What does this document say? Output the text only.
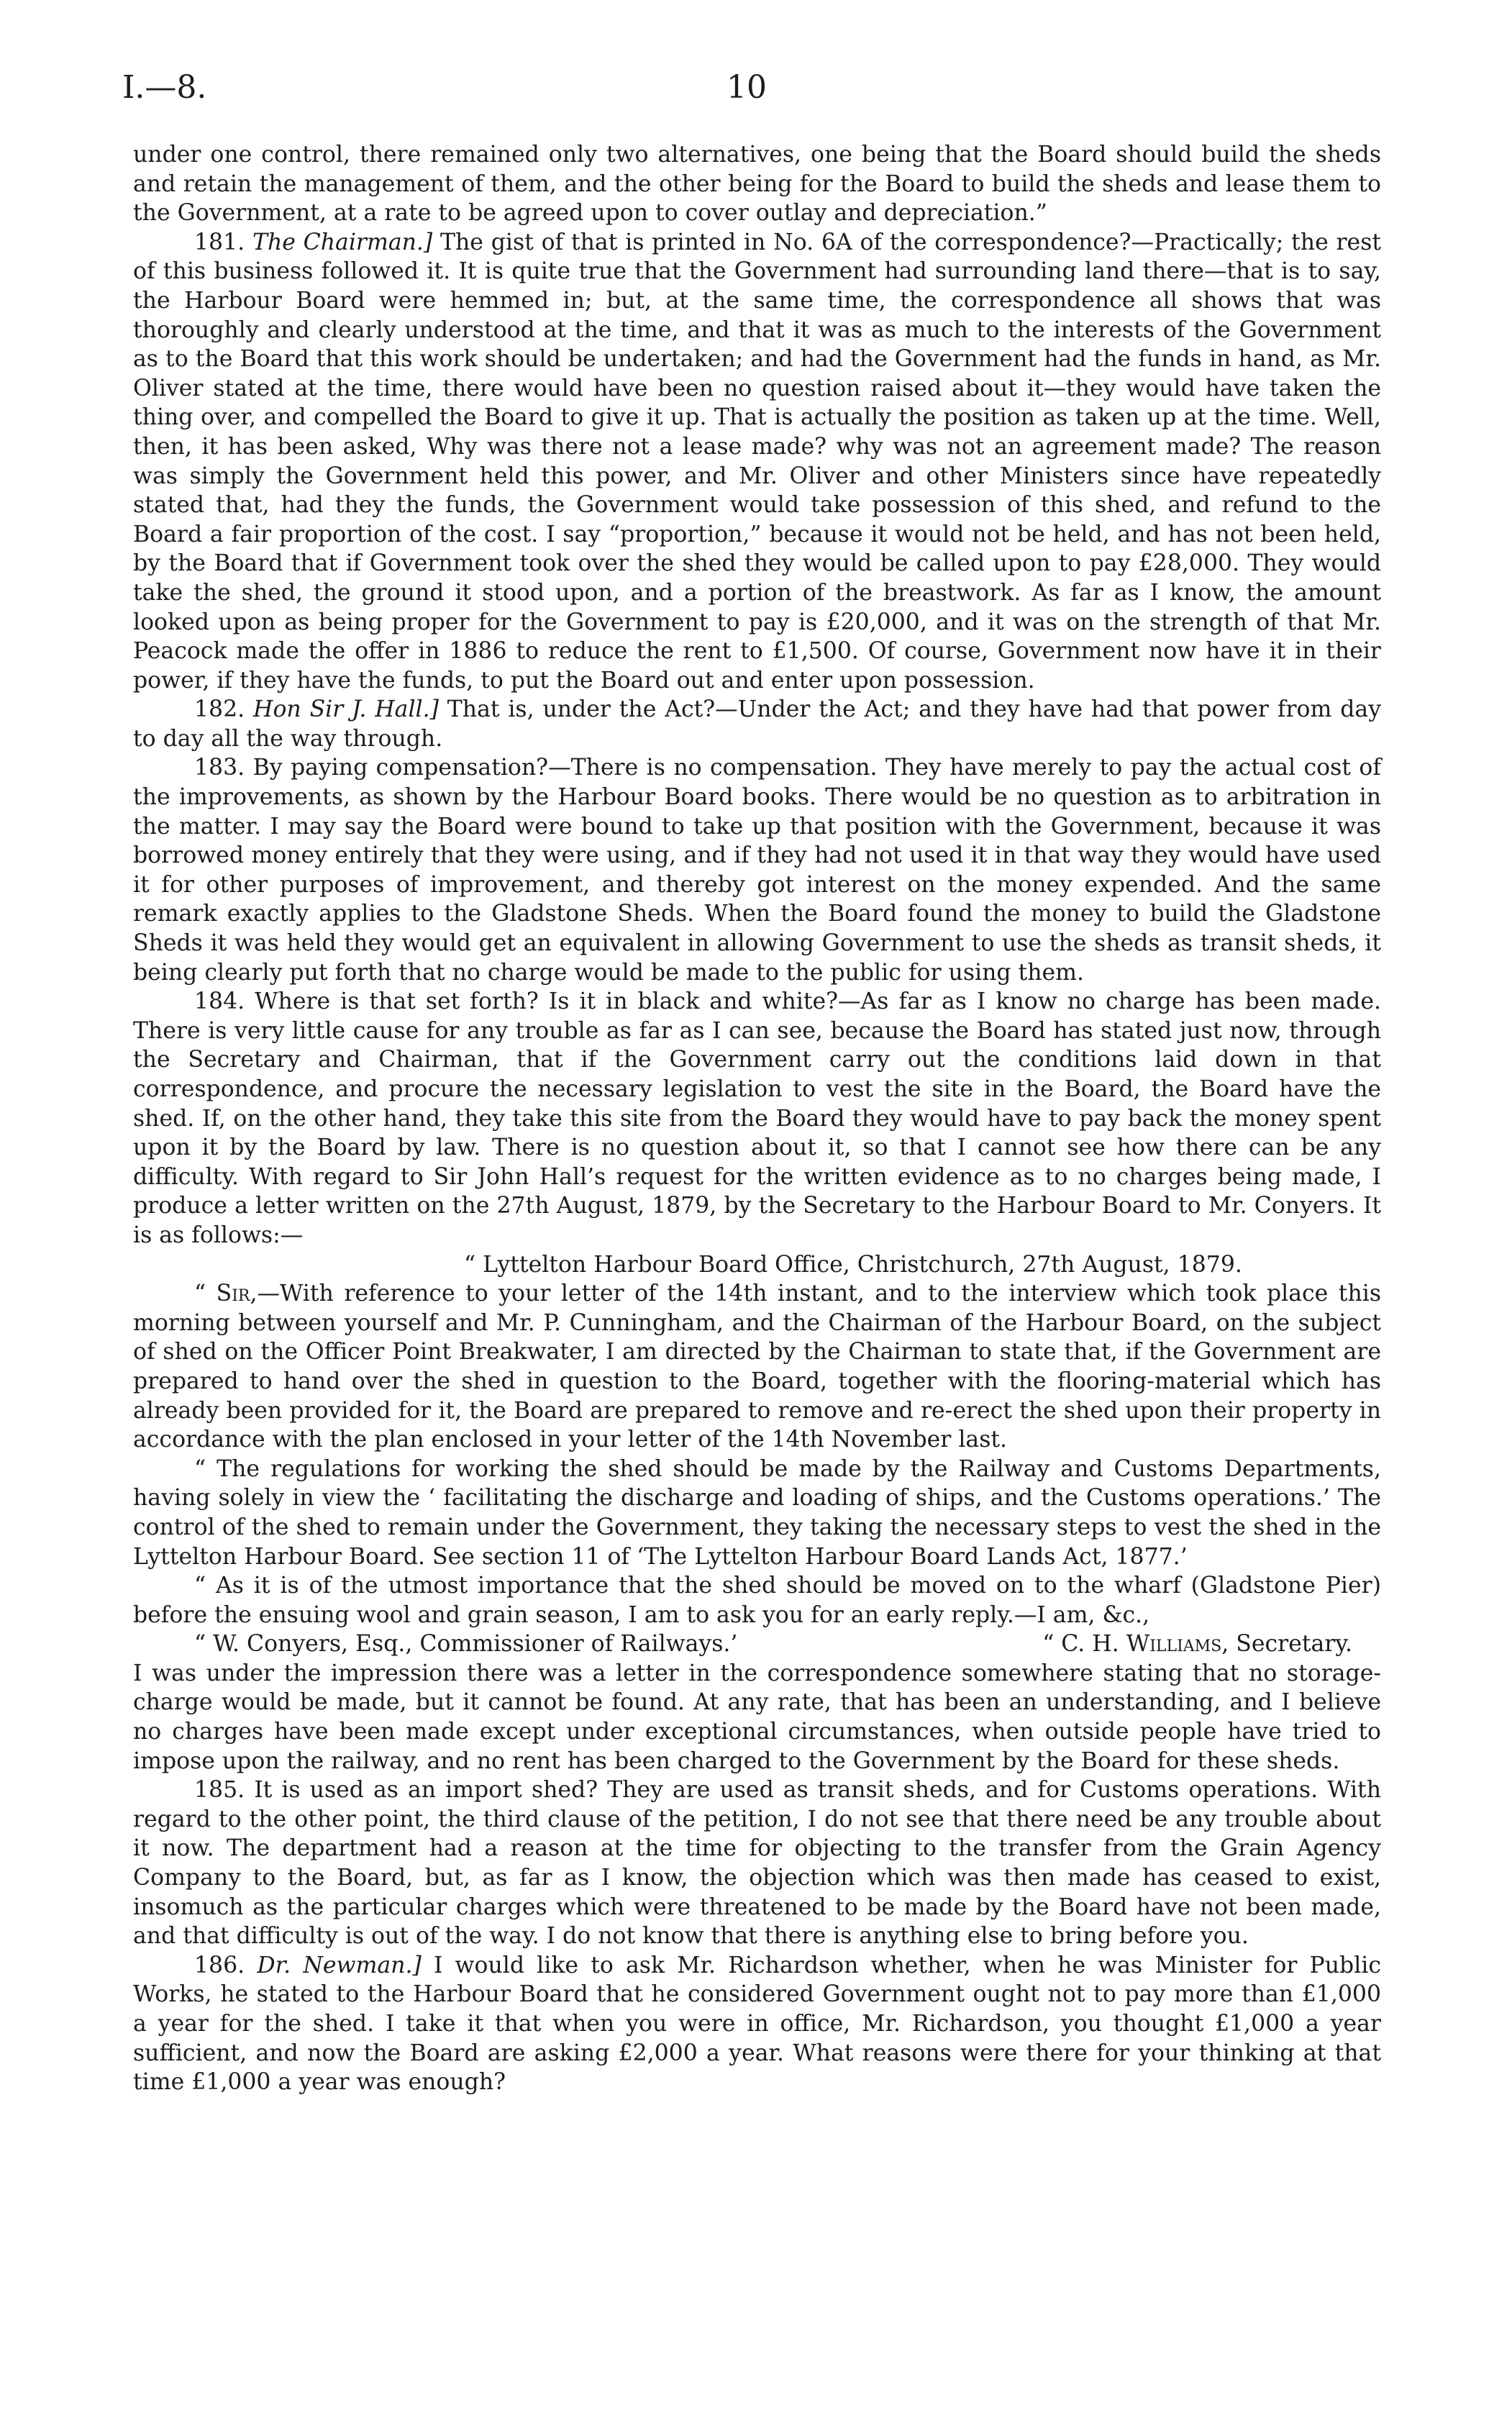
I.—8.	10

under one control, there remained only two alternatives, one being that the Board should build the sheds and retain the management of them, and the other being for the Board to build the sheds and lease them to the Government, at a rate to be agreed upon to cover outlay and depreciation.”

181. The Chairman.] The gist of that is printed in No. 6A of the correspondence?—Practically; the rest of this business followed it. It is quite true that the Government had surrounding land there—that is to say, the Harbour Board were hemmed in; but, at the same time, the correspondence all shows that was thoroughly and clearly understood at the time, and that it was as much to the interests of the Government as to the Board that this work should be undertaken; and had the Government had the funds in hand, as Mr. Oliver stated at the time, there would have been no question raised about it—they would have taken the thing over, and compelled the Board to give it up. That is actually the position as taken up at the time. Well, then, it has been asked, Why was there not a lease made? why was not an agreement made? The reason was simply the Government held this power, and Mr. Oliver and other Ministers since have repeatedly stated that, had they the funds, the Government would take possession of this shed, and refund to the Board a fair proportion of the cost. I say “proportion,” because it would not be held, and has not been held, by the Board that if Government took over the shed they would be called upon to pay £28,000. They would take the shed, the ground it stood upon, and a portion of the breastwork. As far as I know, the amount looked upon as being proper for the Government to pay is £20,000, and it was on the strength of that Mr. Peacock made the offer in 1886 to reduce the rent to £1,500. Of course, Government now have it in their power, if they have the funds, to put the Board out and enter upon possession.

182. Hon Sir J. Hall.] That is, under the Act?—Under the Act; and they have had that power from day to day all the way through.

183. By paying compensation?—There is no compensation. They have merely to pay the actual cost of the improvements, as shown by the Harbour Board books. There would be no question as to arbitration in the matter. I may say the Board were bound to take up that position with the Government, because it was borrowed money entirely that they were using, and if they had not used it in that way they would have used it for other purposes of improvement, and thereby got interest on the money expended. And the same remark exactly applies to the Gladstone Sheds. When the Board found the money to build the Gladstone Sheds it was held they would get an equivalent in allowing Government to use the sheds as transit sheds, it being clearly put forth that no charge would be made to the public for using them.

184. Where is that set forth? Is it in black and white?—As far as I know no charge has been made. There is very little cause for any trouble as far as I can see, because the Board has stated just now, through the Secretary and Chairman, that if the Government carry out the conditions laid down in that correspondence, and procure the necessary legislation to vest the site in the Board, the Board have the shed. If, on the other hand, they take this site from the Board they would have to pay back the money spent upon it by the Board by law. There is no question about it, so that I cannot see how there can be any difficulty. With regard to Sir John Hall’s request for the written evidence as to no charges being made, I produce a letter written on the 27th August, 1879, by the Secretary to the Harbour Board to Mr. Conyers. It is as follows:—

“ Lyttelton Harbour Board Office, Christchurch, 27th August, 1879.

“ Sir,—With reference to your letter of the 14th instant, and to the interview which took place this morning between yourself and Mr. P. Cunningham, and the Chairman of the Harbour Board, on the subject of shed on the Officer Point Breakwater, I am directed by the Chairman to state that, if the Government are prepared to hand over the shed in question to the Board, together with the flooring-material which has already been provided for it, the Board are prepared to remove and re-erect the shed upon their property in accordance with the plan enclosed in your letter of the 14th November last.

“ The regulations for working the shed should be made by the Railway and Customs Departments, having solely in view the ‘ facilitating the discharge and loading of ships, and the Customs operations.’ The control of the shed to remain under the Government, they taking the necessary steps to vest the shed in the Lyttelton Harbour Board. See section 11 of ‘The Lyttelton Harbour Board Lands Act, 1877.’

“ As it is of the utmost importance that the shed should be moved on to the wharf (Gladstone Pier) before the ensuing wool and grain season, I am to ask you for an early reply.—I am, &c.,

“ W. Conyers, Esq., Commissioner of Railways.’	“ C. H. Williams, Secretary.

I was under the impression there was a letter in the correspondence somewhere stating that no storage-charge would be made, but it cannot be found. At any rate, that has been an understanding, and I believe no charges have been made except under exceptional circumstances, when outside people have tried to impose upon the railway, and no rent has been charged to the Government by the Board for these sheds.

185. It is used as an import shed? They are used as transit sheds, and for Customs operations. With regard to the other point, the third clause of the petition, I do not see that there need be any trouble about it now. The department had a reason at the time for objecting to the transfer from the Grain Agency Company to the Board, but, as far as I know, the objection which was then made has ceased to exist, insomuch as the particular charges which were threatened to be made by the Board have not been made, and that difficulty is out of the way. I do not know that there is anything else to bring before you.

186. Dr. Newman.] I would like to ask Mr. Richardson whether, when he was Minister for Public Works, he stated to the Harbour Board that he considered Government ought not to pay more than £1,000 a year for the shed. I take it that when you were in office, Mr. Richardson, you thought £1,000 a year sufficient, and now the Board are asking £2,000 a year. What reasons were there for your thinking at that time £1,000 a year was enough?
